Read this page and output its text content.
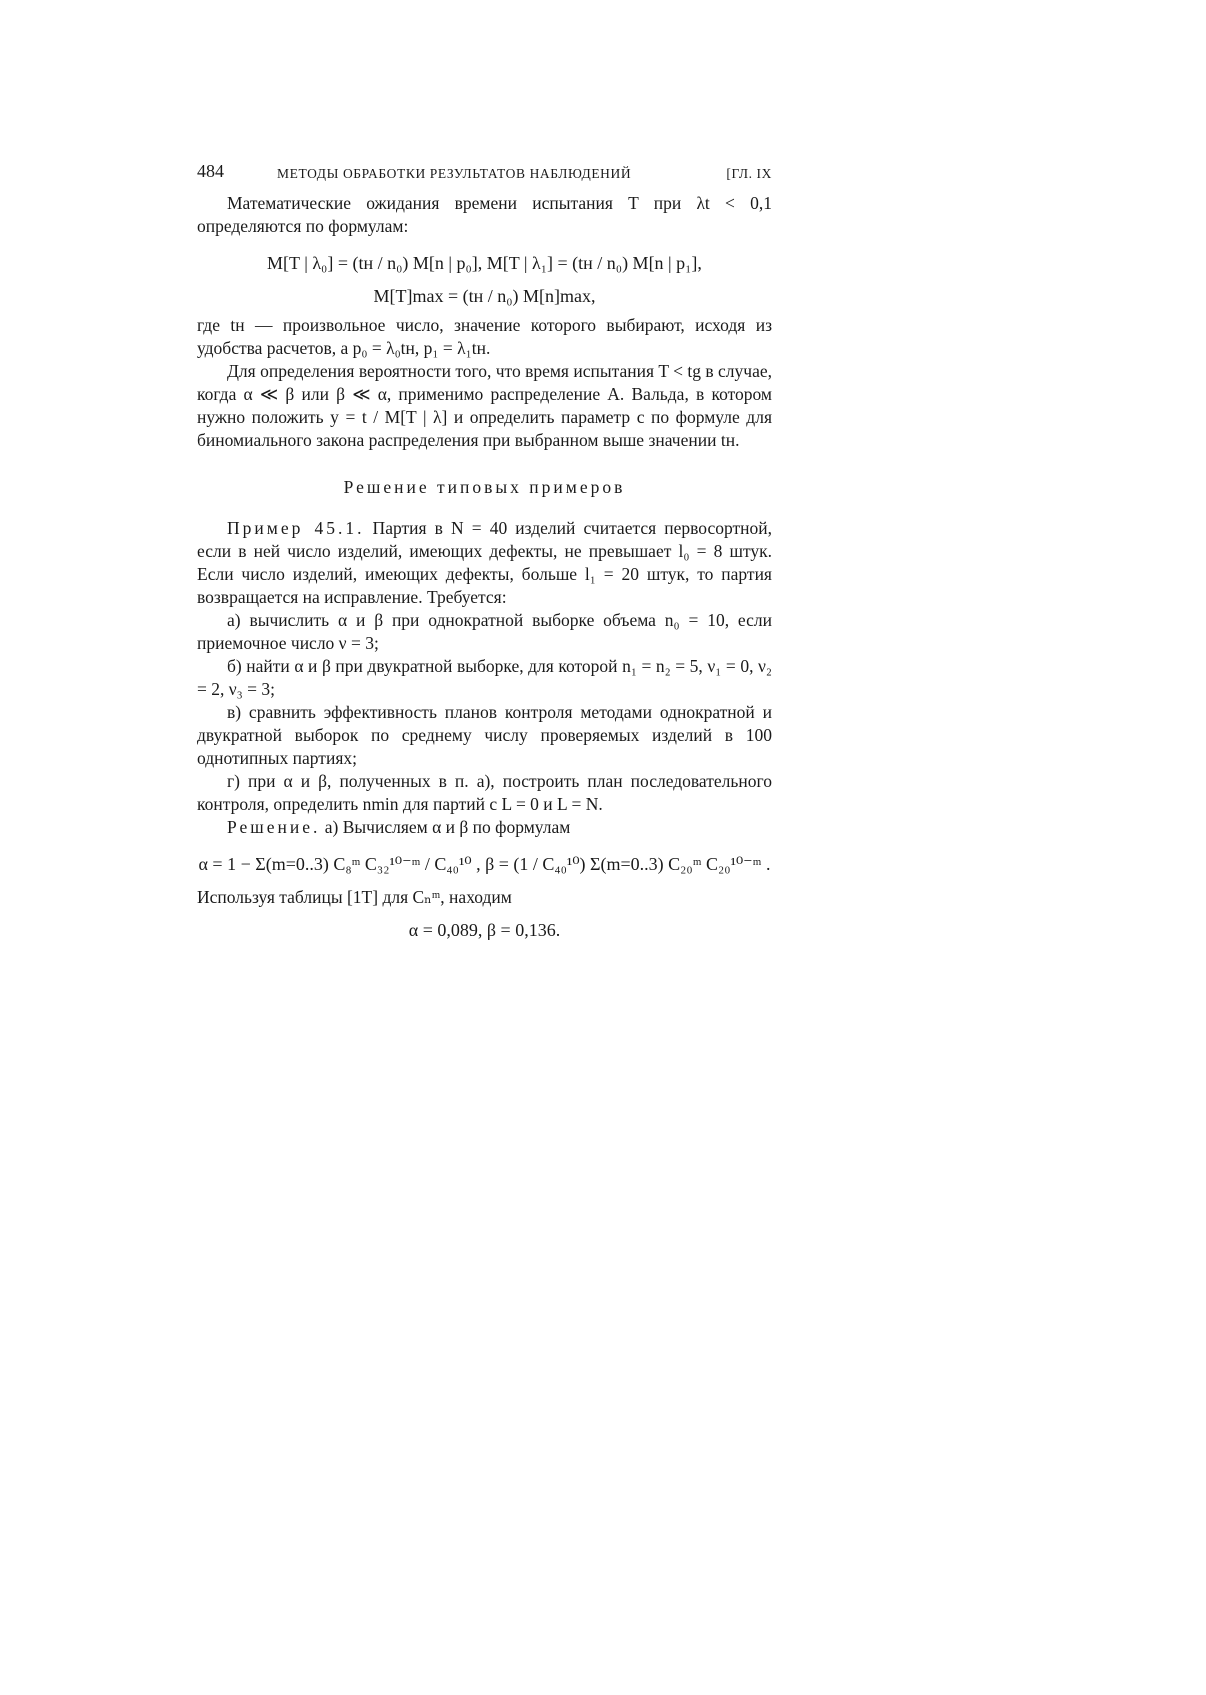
484	МЕТОДЫ ОБРАБОТКИ РЕЗУЛЬТАТОВ НАБЛЮДЕНИЙ	[ГЛ. IX

Математические ожидания времени испытания T при λt < 0,1 определяются по формулам:

M[T | λ₀] = (tн / n₀) M[n | p₀], M[T | λ₁] = (tн / n₀) M[n | p₁],
M[T]max = (tн / n₀) M[n]max,

где tн — произвольное число, значение которого выбирают, исходя из удобства расчетов, а p₀ = λ₀tн, p₁ = λ₁tн.

Для определения вероятности того, что время испытания T < tg в случае, когда α ≪ β или β ≪ α, применимо распределение А. Вальда, в котором нужно положить y = t / M[T | λ] и определить параметр c по формуле для биномиального закона распределения при выбранном выше значении tн.

Решение типовых примеров

Пример 45.1. Партия в N = 40 изделий считается первосортной, если в ней число изделий, имеющих дефекты, не превышает l₀ = 8 штук. Если число изделий, имеющих дефекты, больше l₁ = 20 штук, то партия возвращается на исправление. Требуется:

а) вычислить α и β при однократной выборке объема n₀ = 10, если приемочное число ν = 3;

б) найти α и β при двукратной выборке, для которой n₁ = n₂ = 5, ν₁ = 0, ν₂ = 2, ν₃ = 3;

в) сравнить эффективность планов контроля методами однократной и двукратной выборок по среднему числу проверяемых изделий в 100 однотипных партиях;

г) при α и β, полученных в п. а), построить план последовательного контроля, определить nmin для партий с L = 0 и L = N.

Решение. а) Вычисляем α и β по формулам

α = 1 − Σ(m=0..3) C₈ᵐ C₃₂¹⁰⁻ᵐ / C₄₀¹⁰ , β = (1 / C₄₀¹⁰) Σ(m=0..3) C₂₀ᵐ C₂₀¹⁰⁻ᵐ .

Используя таблицы [1T] для Cₙᵐ, находим

α = 0,089, β = 0,136.
